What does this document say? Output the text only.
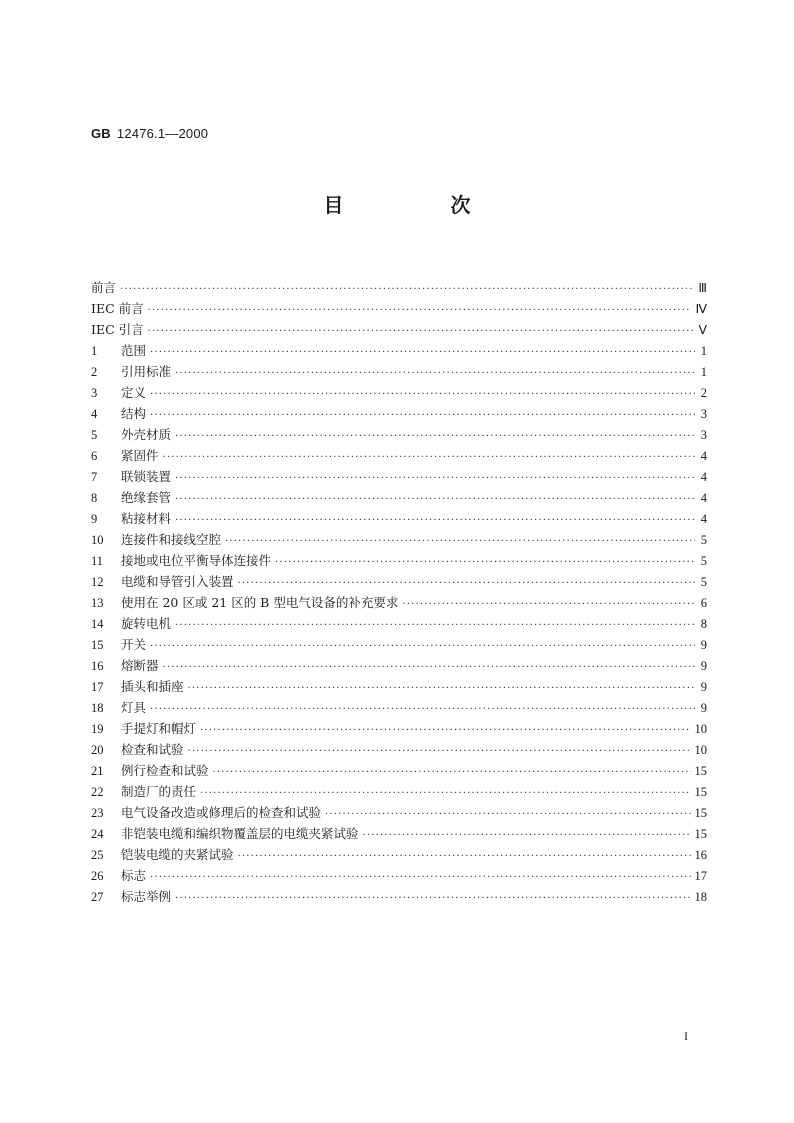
GB 12476.1—2000
目 次
前言 ·····	Ⅲ
IEC 前言 ·····	Ⅳ
IEC 引言 ·····	Ⅴ
1	范围 ·····	1
2	引用标准 ·····	1
3	定义 ·····	2
4	结构 ·····	3
5	外壳材质 ·····	3
6	紧固件 ·····	4
7	联锁装置 ·····	4
8	绝缘套管 ·····	4
9	粘接材料 ·····	4
10	连接件和接线空腔 ·····	5
11	接地或电位平衡导体连接件 ·····	5
12	电缆和导管引入装置 ·····	5
13	使用在 20 区或 21 区的 B 型电气设备的补充要求 ·····	6
14	旋转电机 ·····	8
15	开关 ·····	9
16	熔断器 ·····	9
17	插头和插座 ·····	9
18	灯具 ·····	9
19	手提灯和帽灯 ·····	10
20	检查和试验 ·····	10
21	例行检查和试验 ·····	15
22	制造厂的责任 ·····	15
23	电气设备改造或修理后的检查和试验 ·····	15
24	非铠装电缆和编织物覆盖层的电缆夹紧试验 ·····	15
25	铠装电缆的夹紧试验 ·····	16
26	标志 ·····	17
27	标志举例 ·····	18
I
